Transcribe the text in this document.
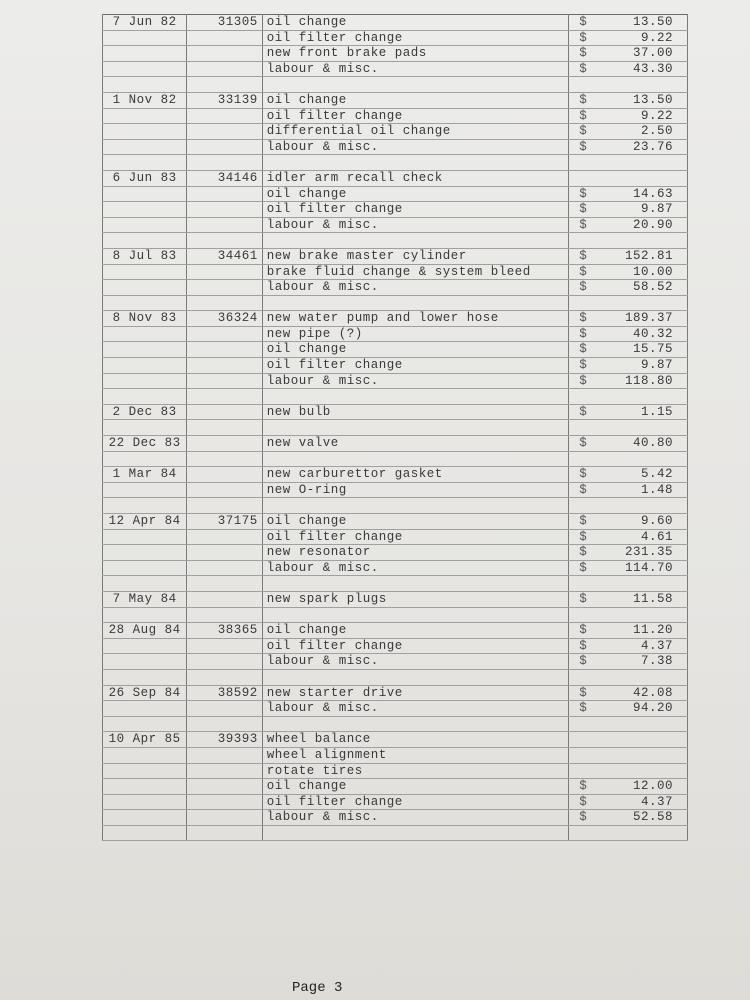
7 Jun 82	31305	oil change	$ 13.50

		oil filter change	$ 9.22

		new front brake pads	$ 37.00

		labour & misc.	$ 43.30

1 Nov 82	33139	oil change	$ 13.50

		oil filter change	$ 9.22

		differential oil change	$ 2.50

		labour & misc.	$ 23.76

6 Jun 83	34146	idler arm recall check	

		oil change	$ 14.63

		oil filter change	$ 9.87

		labour & misc.	$ 20.90

8 Jul 83	34461	new brake master cylinder	$ 152.81

		brake fluid change & system bleed	$ 10.00

		labour & misc.	$ 58.52

8 Nov 83	36324	new water pump and lower hose	$ 189.37

		new pipe (?)	$ 40.32

		oil change	$ 15.75

		oil filter change	$ 9.87

		labour & misc.	$ 118.80

2 Dec 83		new bulb	$ 1.15

22 Dec 83		new valve	$ 40.80

1 Mar 84		new carburettor gasket	$ 5.42

		new O-ring	$ 1.48

12 Apr 84	37175	oil change	$ 9.60

		oil filter change	$ 4.61

		new resonator	$ 231.35

		labour & misc.	$ 114.70

7 May 84		new spark plugs	$ 11.58

28 Aug 84	38365	oil change	$ 11.20

		oil filter change	$ 4.37

		labour & misc.	$ 7.38

26 Sep 84	38592	new starter drive	$ 42.08

		labour & misc.	$ 94.20

10 Apr 85	39393	wheel balance	

		wheel alignment	

		rotate tires	

		oil change	$ 12.00

		oil filter change	$ 4.37

		labour & misc.	$ 52.58

Page 3
